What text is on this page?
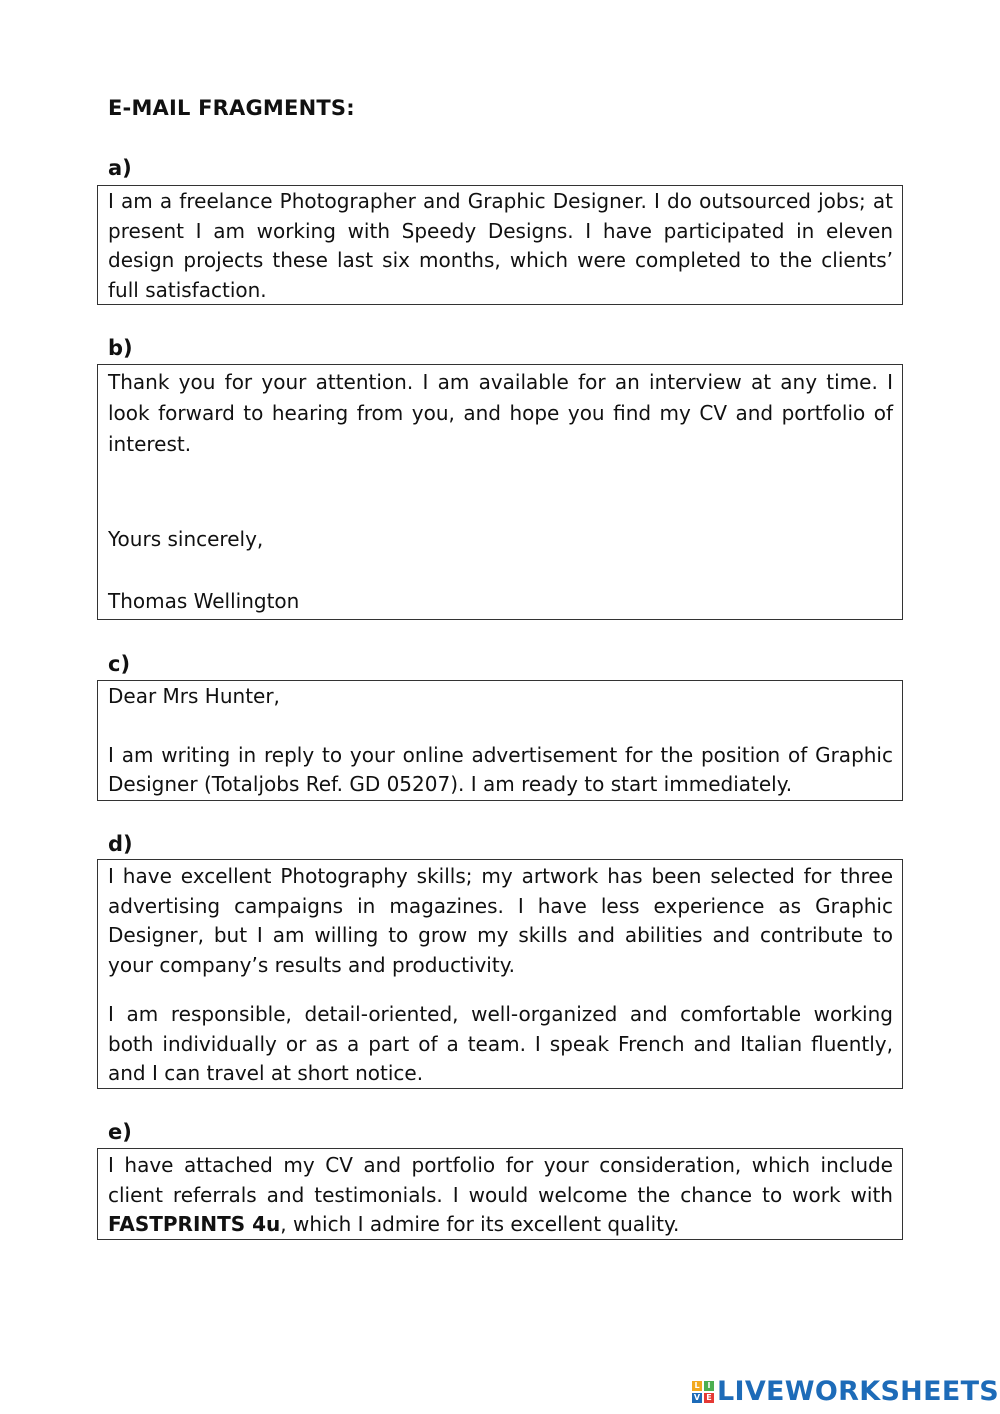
E-MAIL FRAGMENTS:
a)

I am a freelance Photographer and Graphic Designer. I do outsourced jobs; at present I am working with Speedy Designs. I have participated in eleven design projects these last six months, which were completed to the clients’ full satisfaction.

b)

Thank you for your attention. I am available for an interview at any time. I look forward to hearing from you, and hope you find my CV and portfolio of interest.

Yours sincerely,

Thomas Wellington

c)

Dear Mrs Hunter,

I am writing in reply to your online advertisement for the position of Graphic Designer (Totaljobs Ref. GD 05207). I am ready to start immediately.

d)

I have excellent Photography skills; my artwork has been selected for three advertising campaigns in magazines. I have less experience as Graphic Designer, but I am willing to grow my skills and abilities and contribute to your company’s results and productivity.

I am responsible, detail-oriented, well-organized and comfortable working both individually or as a part of a team. I speak French and Italian fluently, and I can travel at short notice.

e)

I have attached my CV and portfolio for your consideration, which include client referrals and testimonials. I would welcome the chance to work with FASTPRINTS 4u, which I admire for its excellent quality.

L I
V E LIVEWORKSHEETS
